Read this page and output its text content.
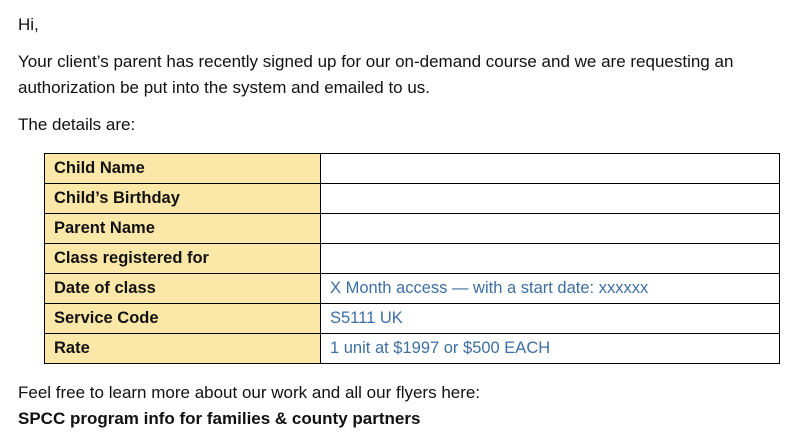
Hi,
Your client’s parent has recently signed up for our on-demand course and we are requesting an authorization be put into the system and emailed to us.
The details are:
Child Name	
Child’s Birthday	
Parent Name	
Class registered for	
Date of class	X Month access — with a start date: xxxxxx
Service Code	S5111 UK
Rate	1 unit at $1997 or $500 EACH
Feel free to learn more about our work and all our flyers here:
SPCC program info for families & county partners
